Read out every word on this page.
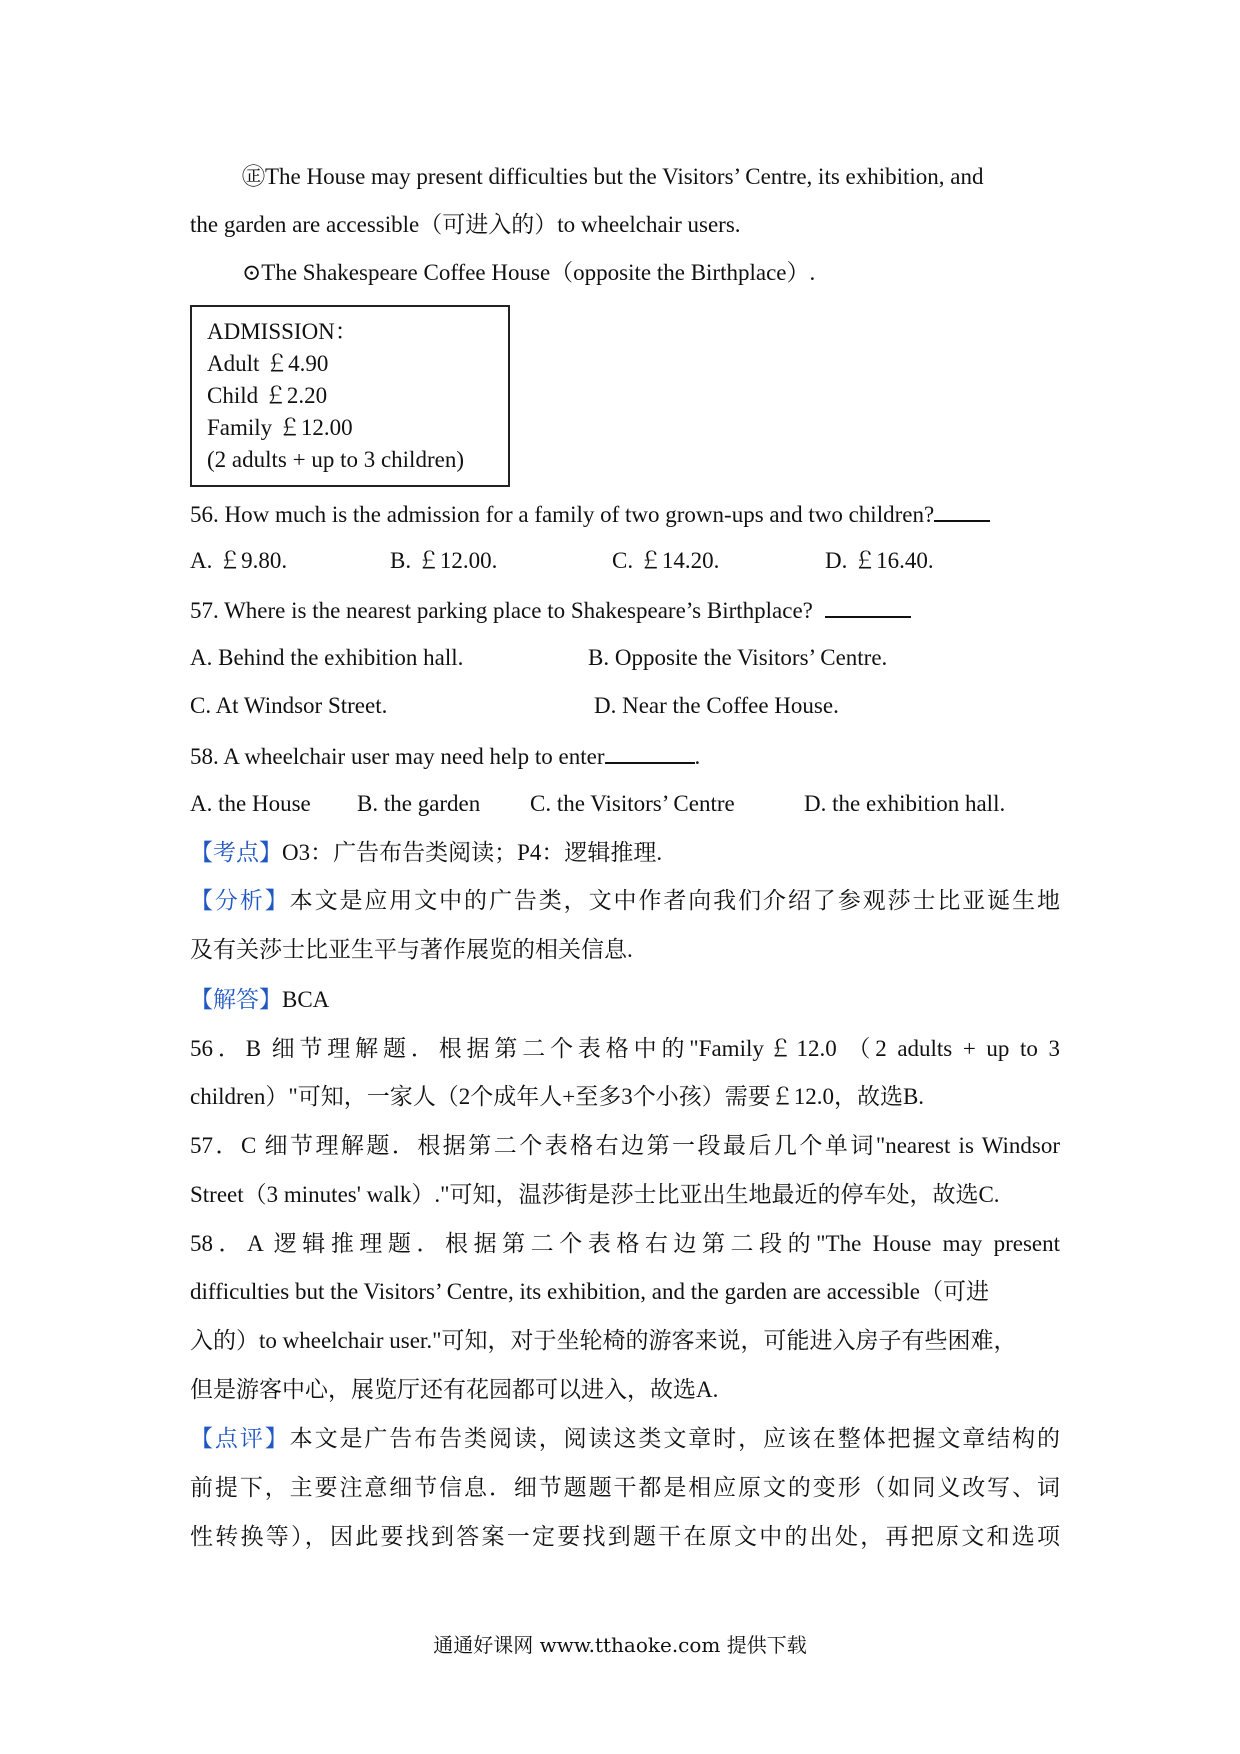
㊣The House may present difficulties but the Visitors’ Centre, its exhibition, and
the garden are accessible（可进入的）to wheelchair users.
⊙The Shakespeare Coffee House（opposite the Birthplace）.
ADMISSION：
Adult ￡4.90
Child ￡2.20
Family ￡12.00
(2 adults + up to 3 children)
56. How much is the admission for a family of two grown-ups and two children?
A. ￡9.80.	B. ￡12.00.	C. ￡14.20.	D. ￡16.40.
57. Where is the nearest parking place to Shakespeare’s Birthplace?
A. Behind the exhibition hall.	B. Opposite the Visitors’ Centre.
C. At Windsor Street.	D. Near the Coffee House.
58. A wheelchair user may need help to enter	.
A. the House B. the garden C. the Visitors’ Centre	D. the exhibition hall.
【考点】O3：广告布告类阅读；P4：逻辑推理.
【分析】本文是应用文中的广告类，文中作者向我们介绍了参观莎士比亚诞生地
及有关莎士比亚生平与著作展览的相关信息.
【解答】BCA
56．B 细节理解题．根据第二个表格中的"Family￡12.0 （2 adults + up to 3
children）"可知，一家人（2个成年人+至多3个小孩）需要￡12.0，故选B.
57．C 细节理解题．根据第二个表格右边第一段最后几个单词"nearest is Windsor
Street（3 minutes' walk）."可知，温莎街是莎士比亚出生地最近的停车处，故选C.
58．A 逻辑推理题．根据第二个表格右边第二段的"The House may present
difficulties but the Visitors’ Centre, its exhibition, and the garden are accessible（可进
入的）to wheelchair user."可知，对于坐轮椅的游客来说，可能进入房子有些困难，
但是游客中心，展览厅还有花园都可以进入，故选A.
【点评】本文是广告布告类阅读，阅读这类文章时，应该在整体把握文章结构的
前提下，主要注意细节信息．细节题题干都是相应原文的变形（如同义改写、词
性转换等），因此要找到答案一定要找到题干在原文中的出处，再把原文和选项
通通好课网 www.tthaoke.com 提供下载
